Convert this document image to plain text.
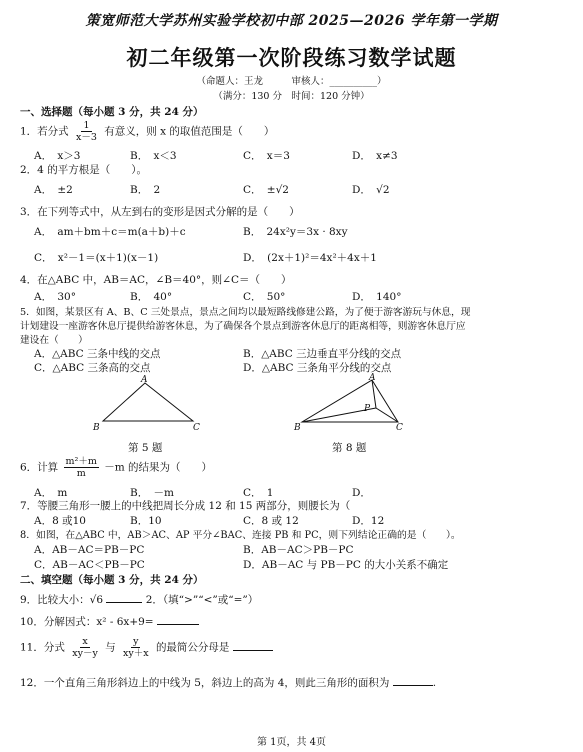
策宽师范大学苏州实验学校初中部 2025—2026 学年第一学期
初二年级第一次阶段练习数学试题
（命题人：王龙　　　审核人：__________）
（满分：130 分　时间：120 分钟）
一、选择题（每小题 3 分，共 24 分）
1．若分式 $\frac{1}{x-3}$ 有意义，则 x 的取值范围是（　　）
A．　x＞3	B．　x＜3	C．　x＝3	D．　x≠3
2．4 的平方根是（　　）。
A．　±2	B．　2	C．　±√2	D．　√2
3．在下列等式中，从左到右的变形是因式分解的是（　　）
A．　am＋bm＋c＝m(a＋b)＋c	B．　24x²y＝3x · 8xy
C．　x²－1＝(x＋1)(x－1)	D．　(2x＋1)²＝4x²＋4x＋1
4．在△ABC 中，AB＝AC，∠B＝40°，则∠C＝（　　）
A．　30°	B．　40°	C．　50°	D．　140°
5．如图，某景区有 A、B、C 三处景点，景点之间均以最短路线修建公路，为了便于游客游玩与休息，现
计划建设一座游客休息厅提供给游客休息，为了确保各个景点到游客休息厅的距离相等，则游客休息厅应
建设在（　　）
A．△ABC 三条中线的交点	B．△ABC 三边垂直平分线的交点
C．△ABC 三条高的交点	D．△ABC 三条角平分线的交点
A
B	C
第 5 题
A
B	C
P
第 8 题
6．计算 $\frac{\text{m²＋m}}{m} -m$ 的结果为（　　）
A．　m	B．　－m	C．　1	D．
7．等腰三角形一腰上的中线把周长分成 12 和 15 两部分，则腰长为（
A．8 或10	B．10	C．8 或 12	D．12
8．如图，在△ABC 中，AB＞AC、AP 平分∠BAC、连接 PB 和 PC，则下列结论正确的是（　　）。
A．AB－AC＝PB－PC	B．AB－AC＞PB－PC
C．AB－AC＜PB－PC	D．AB－AC 与 PB－PC 的大小关系不确定
二、填空题（每小题 3 分，共 24 分）
9．比较大小：√6	2．（填“>”“<”或“=”）
10．分解因式：x² - 6x+9=
11．分式 $\frac{x}{xy-y}$ 与 $\frac{y}{xy+x}$ 的最简公分母是
12．一个直角三角形斜边上的中线为 5，斜边上的高为 4，则此三角形的面积为	.
第 1页，共 4页
